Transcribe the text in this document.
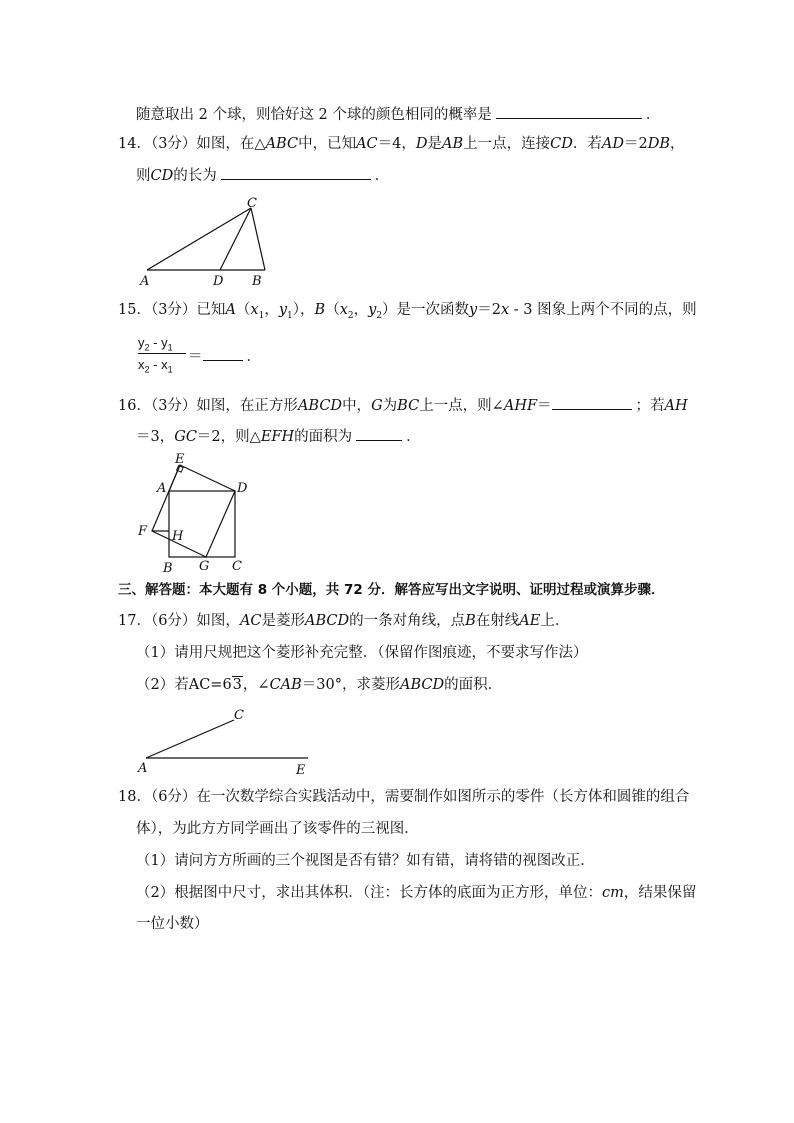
随意取出 2 个球，则恰好这 2 个球的颜色相同的概率是	．
14．（3分）如图，在△ABC中，已知AC＝4，D是AB上一点，连接CD．若AD＝2DB，
则CD的长为	．
C
A	D B
15．（3分）已知$A(x_1$，$y_1$），$B(x_2$，$y_2$）是一次函数y＝2x - 3 图象上两个不同的点，则
$y_2 - y_1$
$x_2 - x_1$
＝	．
16．（3分）如图，在正方形ABCD中，G为BC上一点，则∠AHF＝	；若AH
＝3，GC＝2，则△EFH的面积为	．
E
A	D
F H
B G C
三、解答题：本大题有 8 个小题，共 72 分．解答应写出文字说明、证明过程或演算步骤．
17．（6分）如图，AC是菱形ABCD的一条对角线，点B在射线AE上．
（1）请用尺规把这个菱形补充完整．（保留作图痕迹，不要求写作法）
（2）若AC=63，∠CAB＝30°，求菱形ABCD的面积．
C
A	E
18．（6分）在一次数学综合实践活动中，需要制作如图所示的零件（长方体和圆锥的组合
体），为此方方同学画出了该零件的三视图．
（1）请问方方所画的三个视图是否有错？如有错，请将错的视图改正．
（2）根据图中尺寸，求出其体积．（注：长方体的底面为正方形，单位：cm，结果保留
一位小数）
